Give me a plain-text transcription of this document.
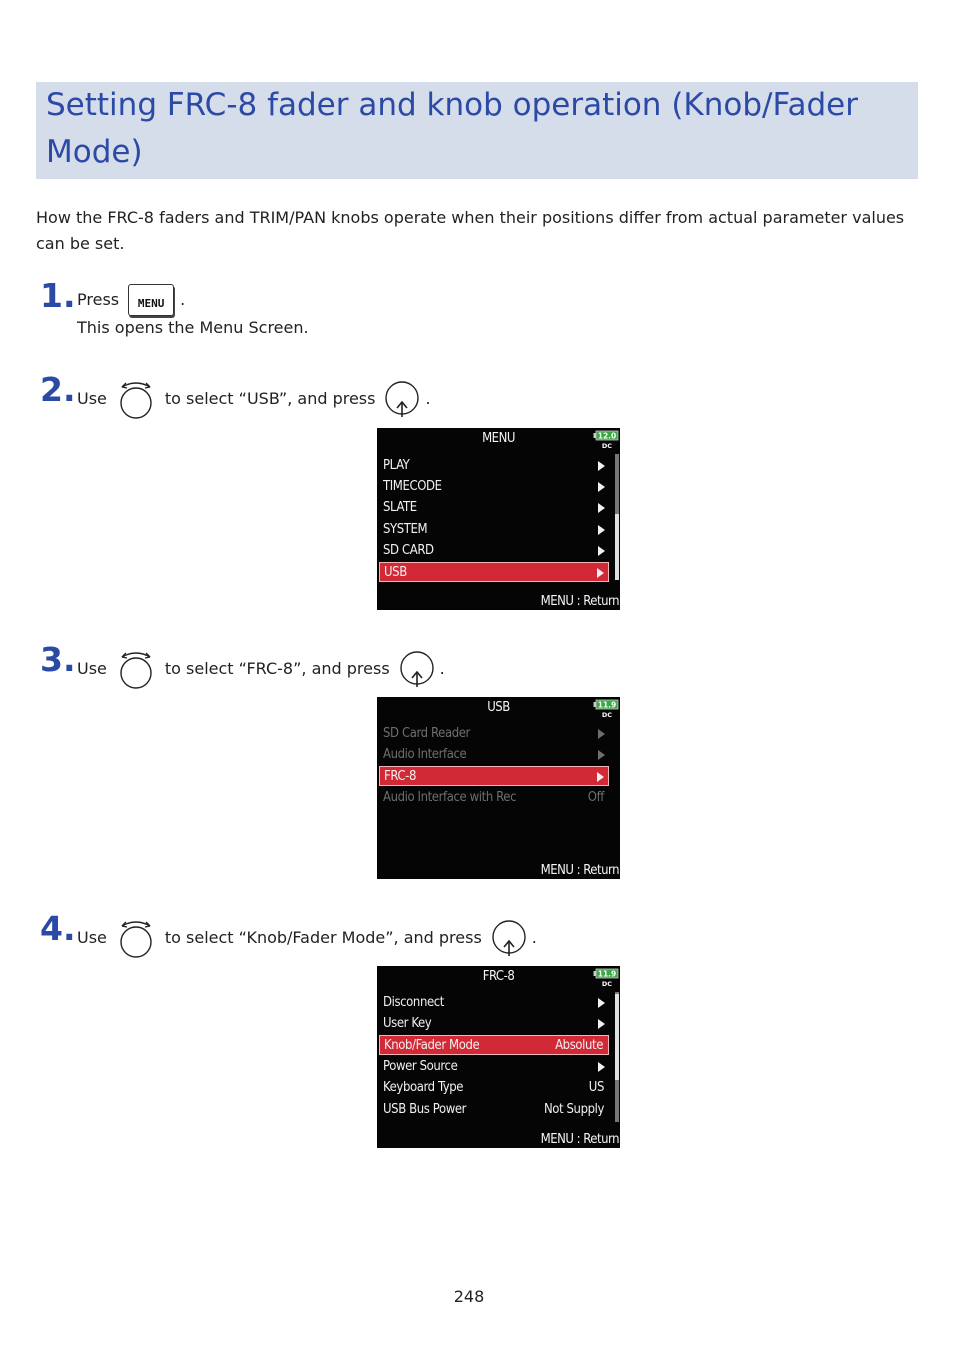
Setting FRC-8 fader and knob operation (Knob/Fader Mode)

How the FRC-8 faders and TRIM/PAN knobs operate when their positions differ from actual parameter values can be set.

1. Press	MENU .
This opens the Menu Screen.
2. Use	to select “USB”, and press	.
MENU
PLAY
TIMECODE
SLATE
SYSTEM
SD CARD
USB
MENU : Return
12.0
DC
3. Use	to select “FRC-8”, and press	.
USB
SD Card Reader
Audio Interface
FRC-8
Audio Interface with Rec	Off
MENU : Return
11.9
DC
4. Use	to select “Knob/Fader Mode”, and press	.
FRC-8
Disconnect
User Key
Knob/Fader Mode	Absolute
Power Source
Keyboard Type	US
USB Bus Power	Not Supply
MENU : Return
11.9
DC
248
